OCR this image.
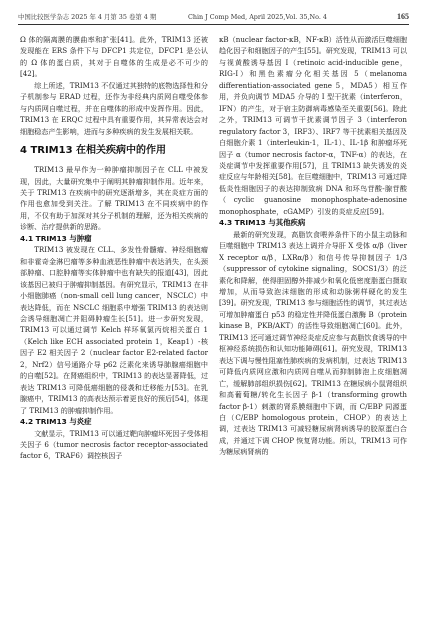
中国比较医学杂志 2025 年 4 月第 35 卷第 4 期	Chin J Comp Med, April 2025,Vol. 35,No. 4	165

Ω 体的隔离膜的膜曲率和扩张[41]。此外，TRIM13 还被发现能在 ERS 条件下与 DFCP1 共定位，DFCP1 是公认的 Ω 体的蛋白质，其对于自噬体的生成是必不可少的[42]。

综上所述，TRIM13 不仅通过其独特的底物选择性和分子机制参与 ERAD 过程，还作为非经典内质网自噬受体参与内质网自噬过程，并在自噬体的形成中发挥作用。因此，TRIM13 在 ERQC 过程中具有重要作用，其异常表达会对细胞稳态产生影响，进而与多种疾病的发生发展相关联。

4 TRIM13 在相关疾病中的作用

TRIM13 最早作为一种肿瘤抑制因子在 CLL 中被发现，因此，大量研究集中于阐明其肿瘤抑制作用。近年来，关于 TRIM13 在疾病中的研究逐渐增多，其在炎症方面的作用也愈加受到关注。了解 TRIM13 在不同疾病中的作用，不仅有助于加深对其分子机制的理解，还为相关疾病的诊断、治疗提供新的思路。

4.1 TRIM13 与肿瘤

TRIM13 被发现在 CLL、多发性骨髓瘤、神经细胞瘤和非霍奇金淋巴瘤等多种血液恶性肿瘤中表达消失，在头颈部肿瘤、口腔肿瘤等实体肿瘤中也有缺失的报道[43]，因此该基因已被归于肿瘤抑制基因。有研究显示，TRIM13 在非小细胞肺癌（non-small cell lung cancer，NSCLC）中表达降低，而在 NSCLC 细胞系中增强 TRIM13 的表达则会诱导细胞凋亡并阻碍肿瘤生长[51]。进一步研究发现，TRIM13 可以通过调节 Kelch 样环氧氯丙烷相关蛋白 1（Kelch like ECH associated protein 1，Keap1）-核因子 E2 相关因子 2（nuclear factor E2-related factor 2，Nrf2）信号通路介导 p62 泛素化来诱导肺腺癌细胞中的自噬[52]。在肾癌组织中，TRIM13 的表达显著降低，过表达 TRIM13 可降低癌细胞的侵袭和迁移能力[53]。在乳腺癌中，TRIM13 的高表达预示着更良好的预后[54]，体现了 TRIM13 的肿瘤抑制作用。

4.2 TRIM13 与炎症

文献显示，TRIM13 可以通过靶向肿瘤坏死因子受体相关因子 6（tumor necrosis factor receptor-associated factor 6，TRAF6）调控核因子

κB（nuclear factor-κB，NF-κB）活性从而激活巨噬细胞趋化因子和细胞因子的产生[55]。研究发现，TRIM13 可以与视黄酸诱导基因 I（retinoic acid-inducible gene，RIG-I）和黑色素瘤分化相关基因 5（melanoma differentiation-associated gene 5，MDA5）相互作用，并负向调节 MDA5 介导的 I 型干扰素（interferon，IFN）的产生，对于宿主防御病毒感染至关重要[56]。除此之外，TRIM13 可调节干扰素调节因子 3（interferon regulatory factor 3，IRF3）、IRF7 等干扰素相关基因及白细胞介素 1（interleukin-1，IL-1）、IL-1β 和肿瘤坏死因子 α（tumor necrosis factor-α，TNF-α）的表达，在炎症调节中发挥重要作用[57]，且 TRIM13 缺失诱发的炎症反应与年龄相关[58]。在巨噬细胞中，TRIM13 可通过降低炎性细胞因子的表达抑制致病 DNA 和环鸟苷酸-腺苷酸（cyclic guanosine monophosphate-adenosine monophosphate，cGAMP）引发的炎症反应[59]。

4.3 TRIM13 与其他疾病

最新的研究发现，高脂饮食喂养条件下的小鼠主动脉和巨噬细胞中 TRIM13 表达上调并介导肝 X 受体 α/β（liver X receptor α/β，LXRα/β）和信号传导抑制因子 1/3（suppressor of cytokine signaling，SOCS1/3）的泛素化和降解，使得胆固醇外排减少和氧化低密度脂蛋白摄取增加，从而导致泡沫细胞的形成和动脉粥样硬化的发生[39]。研究发现，TRIM13 参与细胞活性的调节，其过表达可增加肿瘤蛋白 p53 的稳定性并降低蛋白激酶 B（protein kinase B，PKB/AKT）的活性导致细胞凋亡[60]。此外，TRIM13 还可通过调节神经炎症反应参与高脂饮食诱导的中枢神经系统损伤和认知功能障碍[61]。研究发现，TRIM13 表达下调与慢性阻塞性肺疾病的发病机制，过表达 TRIM13 可降低内质网应激和内质网自噬从而抑制肺泡上皮细胞凋亡，缓解肺部组织损伤[62]。TRIM13 在糖尿病小鼠肾组织和高葡萄糖/转化生长因子 β-1（transforming growth factor β-1）刺激的肾系膜细胞中下调，而 C/EBP 同源蛋白（C/EBP homologous protein，CHOP）的表达上调，过表达 TRIM13 可减轻糖尿病肾病诱导的胶原蛋白合成，并通过下调 CHOP 恢复肾功能。所以，TRIM13 可作为糖尿病肾病的
